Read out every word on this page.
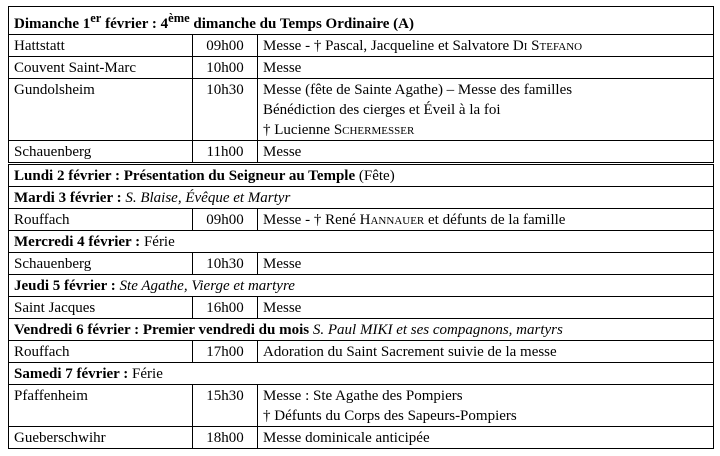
Dimanche 1er février : 4ème dimanche du Temps Ordinaire (A)		
Hattstatt	09h00	Messe - † Pascal, Jacqueline et Salvatore Di Stefano
Couvent Saint-Marc	10h00	Messe
Gundolsheim	10h30	Messe (fête de Sainte Agathe) – Messe des familles
Bénédiction des cierges et Éveil à la foi
† Lucienne Schermesser

Schauenberg	11h00	Messe
Lundi 2 février : Présentation du Seigneur au Temple (Fête)		
Mardi 3 février : S. Blaise, Évêque et Martyr		
Rouffach	09h00	Messe - † René Hannauer et défunts de la famille
Mercredi 4 février : Férie		
Schauenberg	10h30	Messe
Jeudi 5 février : Ste Agathe, Vierge et martyre		
Saint Jacques	16h00	Messe
Vendredi 6 février : Premier vendredi du mois S. Paul MIKI et ses compagnons, martyrs		
Rouffach	17h00	Adoration du Saint Sacrement suivie de la messe
Samedi 7 février : Férie		
Pfaffenheim	15h30	Messe : Ste Agathe des Pompiers
† Défunts du Corps des Sapeurs-Pompiers

Gueberschwihr	18h00	Messe dominicale anticipée
